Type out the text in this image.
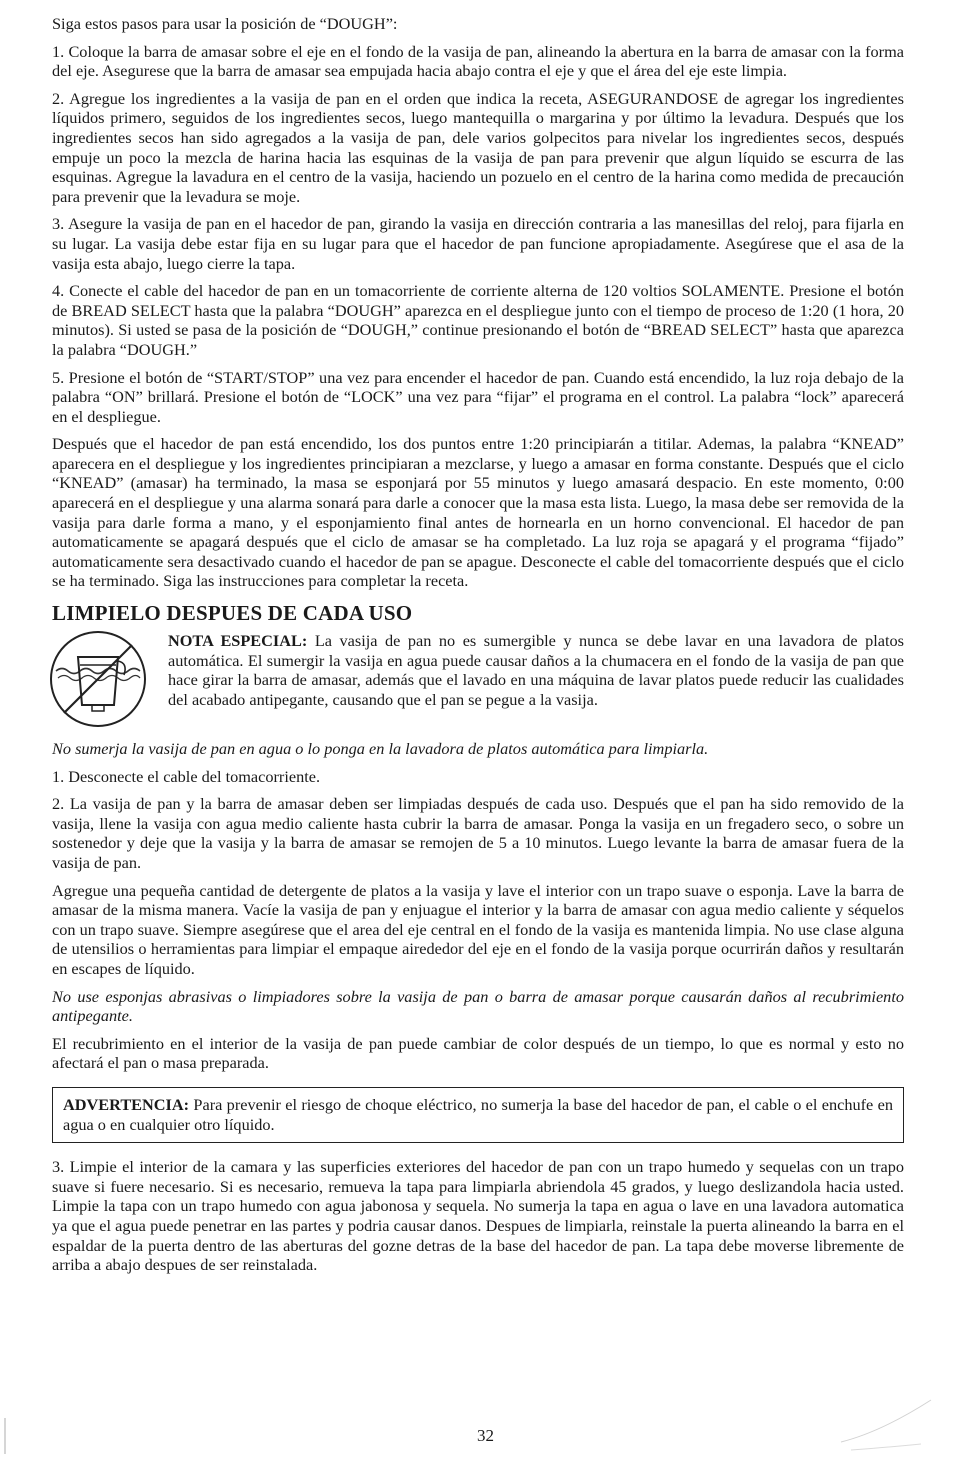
Siga estos pasos para usar la posición de “DOUGH”:

1. Coloque la barra de amasar sobre el eje en el fondo de la vasija de pan, alineando la abertura en la barra de amasar con la forma del eje. Asegurese que la barra de amasar sea empujada hacia abajo contra el eje y que el área del eje este limpia.

2. Agregue los ingredientes a la vasija de pan en el orden que indica la receta, ASEGURANDOSE de agregar los ingredientes líquidos primero, seguidos de los ingredientes secos, luego mantequilla o margarina y por último la levadura. Después que los ingredientes secos han sido agregados a la vasija de pan, dele varios golpecitos para nivelar los ingredientes secos, después empuje un poco la mezcla de harina hacia las esquinas de la vasija de pan para prevenir que algun líquido se escurra de las esquinas. Agregue la lavadura en el centro de la vasija, haciendo un pozuelo en el centro de la harina como medida de precaución para prevenir que la levadura se moje.

3. Asegure la vasija de pan en el hacedor de pan, girando la vasija en dirección contraria a las manesillas del reloj, para fijarla en su lugar. La vasija debe estar fija en su lugar para que el hacedor de pan funcione apropiadamente. Asegúrese que el asa de la vasija esta abajo, luego cierre la tapa.

4. Conecte el cable del hacedor de pan en un tomacorriente de corriente alterna de 120 voltios SOLAMENTE. Presione el botón de BREAD SELECT hasta que la palabra “DOUGH” aparezca en el despliegue junto con el tiempo de proceso de 1:20 (1 hora, 20 minutos). Si usted se pasa de la posición de “DOUGH,” continue presionando el botón de “BREAD SELECT” hasta que aparezca la palabra “DOUGH.”

5. Presione el botón de “START/STOP” una vez para encender el hacedor de pan. Cuando está encendido, la luz roja debajo de la palabra “ON” brillará. Presione el botón de “LOCK” una vez para “fijar” el programa en el control. La palabra “lock” aparecerá en el despliegue.

Después que el hacedor de pan está encendido, los dos puntos entre 1:20 principiarán a titilar. Ademas, la palabra “KNEAD” aparecera en el despliegue y los ingredientes principiaran a mezclarse, y luego a amasar en forma constante. Después que el ciclo “KNEAD” (amasar) ha terminado, la masa se esponjará por 55 minutos y luego amasará despacio. En este momento, 0:00 aparecerá en el despliegue y una alarma sonará para darle a conocer que la masa esta lista. Luego, la masa debe ser removida de la vasija para darle forma a mano, y el esponjamiento final antes de hornearla en un horno convencional. El hacedor de pan automaticamente se apagará después que el ciclo de amasar se ha completado. La luz roja se apagará y el programa “fijado” automaticamente sera desactivado cuando el hacedor de pan se apague. Desconecte el cable del tomacorriente después que el ciclo se ha terminado. Siga las instrucciones para completar la receta.

LIMPIELO DESPUES DE CADA USO

NOTA ESPECIAL: La vasija de pan no es sumergible y nunca se debe lavar en una lavadora de platos automática. El sumergir la vasija en agua puede causar daños a la chumacera en el fondo de la vasija de pan que hace girar la barra de amasar, además que el lavado en una máquina de lavar platos puede reducir las cualidades del acabado antipegante, causando que el pan se pegue a la vasija.

No sumerja la vasija de pan en agua o lo ponga en la lavadora de platos automática para limpiarla.

1. Desconecte el cable del tomacorriente.

2. La vasija de pan y la barra de amasar deben ser limpiadas después de cada uso. Después que el pan ha sido removido de la vasija, llene la vasija con agua medio caliente hasta cubrir la barra de amasar. Ponga la vasija en un fregadero seco, o sobre un sostenedor y deje que la vasija y la barra de amasar se remojen de 5 a 10 minutos. Luego levante la barra de amasar fuera de la vasija de pan.

Agregue una pequeña cantidad de detergente de platos a la vasija y lave el interior con un trapo suave o esponja. Lave la barra de amasar de la misma manera. Vacíe la vasija de pan y enjuague el interior y la barra de amasar con agua medio caliente y séquelos con un trapo suave. Siempre asegúrese que el area del eje central en el fondo de la vasija es mantenida limpia. No use clase alguna de utensilios o herramientas para limpiar el empaque airededor del eje en el fondo de la vasija porque ocurrirán daños y resultarán en escapes de líquido.

No use esponjas abrasivas o limpiadores sobre la vasija de pan o barra de amasar porque causarán daños al recubrimiento antipegante.

El recubrimiento en el interior de la vasija de pan puede cambiar de color después de un tiempo, lo que es normal y esto no afectará el pan o masa preparada.

ADVERTENCIA: Para prevenir el riesgo de choque eléctrico, no sumerja la base del hacedor de pan, el cable o el enchufe en agua o en cualquier otro líquido.

3. Limpie el interior de la camara y las superficies exteriores del hacedor de pan con un trapo humedo y sequelas con un trapo suave si fuere necesario. Si es necesario, remueva la tapa para limpiarla abriendola 45 grados, y luego deslizandola hacia usted. Limpie la tapa con un trapo humedo con agua jabonosa y sequela. No sumerja la tapa en agua o lave en una lavadora automatica ya que el agua puede penetrar en las partes y podria causar danos. Despues de limpiarla, reinstale la puerta alineando la barra en el espaldar de la puerta dentro de las aberturas del gozne detras de la base del hacedor de pan. La tapa debe moverse libremente de arriba a abajo despues de ser reinstalada.

32
